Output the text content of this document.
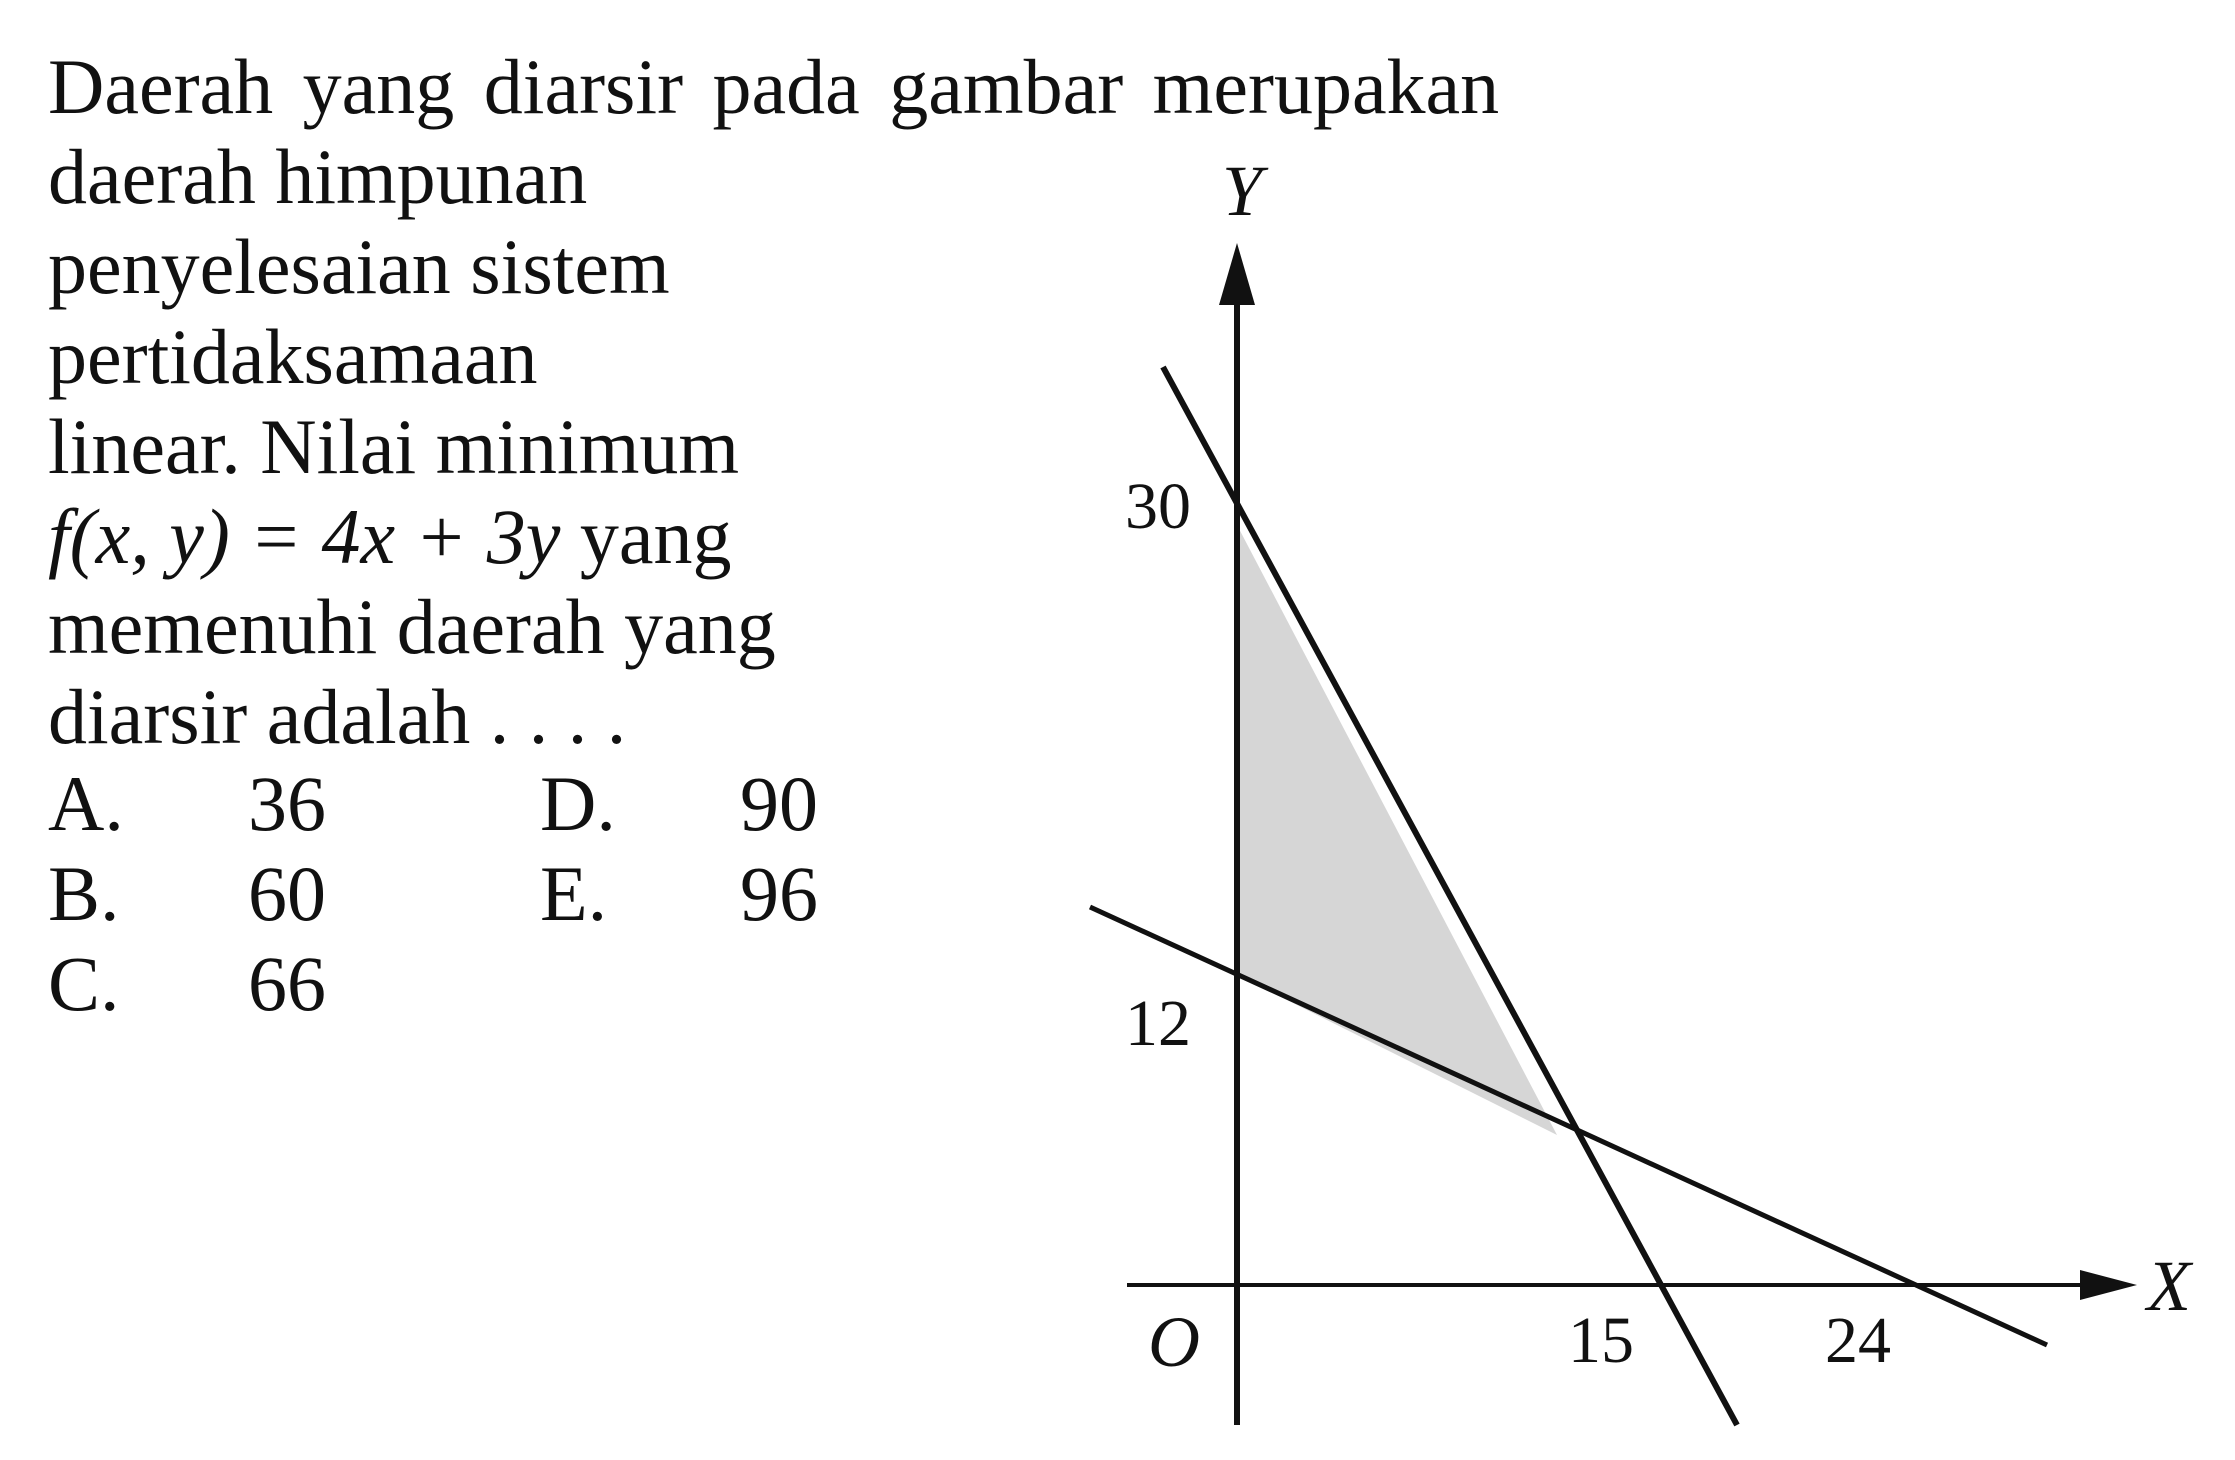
Daerah yang diarsir pada gambar merupakan
daerah himpunan
penyelesaian sistem
pertidaksamaan
linear. Nilai minimum
f(x, y) = 4x + 3y yang
memenuhi daerah yang
diarsir adalah . . . .
A. 36
B. 60
C. 66
D. 90
E. 96
Y
X
O
30
12
15	24
